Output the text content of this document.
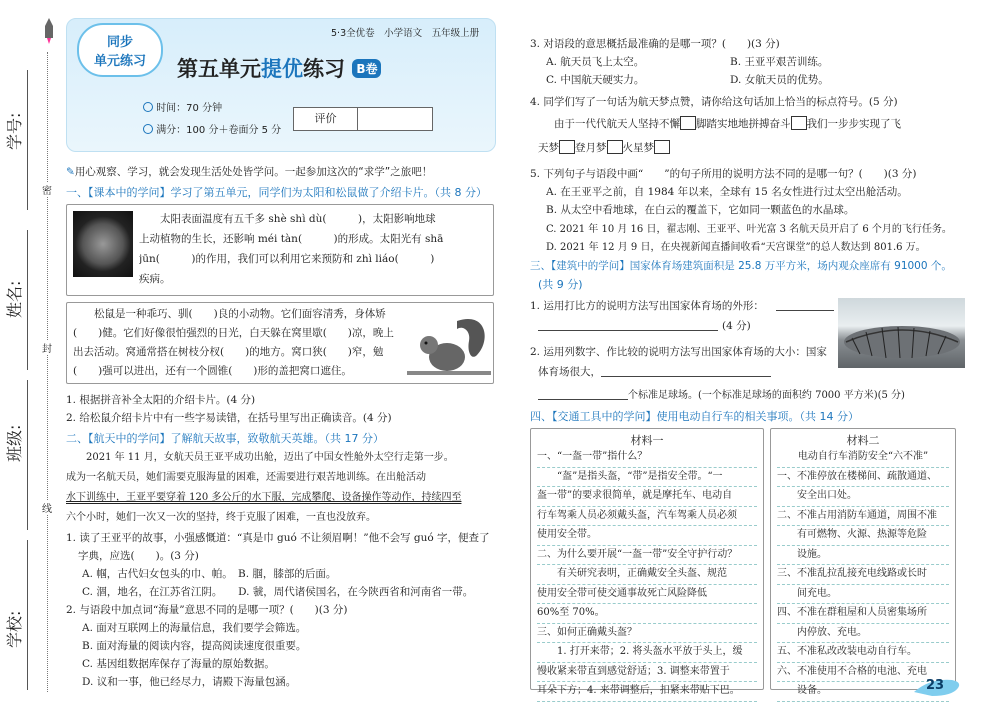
密
封
线
学号:
姓名:
班级:
学校:
同步
单元练习
5·3全优卷　小学语文　五年级上册
第五单元提优练习 B卷
时间：70 分钟
满分：100 分＋卷面分 5 分
评价
✎用心观察、学习，就会发现生活处处皆学问。一起参加这次的“求学”之旅吧！
一、【课本中的学问】学习了第五单元，同学们为太阳和松鼠做了介绍卡片。（共 8 分）
太阳表面温度有五千多 shè shì dù(　　　)，太阳影响地球
上动植物的生长，还影响 méi tàn(　　　)的形成。太阳光有 shā
jūn(　　　)的作用，我们可以利用它来预防和 zhì liáo(　　　)
疾病。
松鼠是一种乖巧、驯(　　)良的小动物。它们面容清秀，身体矫
(　　)健。它们好像很怕强烈的日光，白天躲在窝里歇(　　)凉，晚上
出去活动。窝通常搭在树枝分杈(　　)的地方。窝口狭(　　)窄，勉
(　　)强可以进出，还有一个圆锥(　　)形的盖把窝口遮住。
1. 根据拼音补全太阳的介绍卡片。(4 分)
2. 给松鼠介绍卡片中有一些字易读错，在括号里写出正确读音。(4 分)
二、【航天中的学问】了解航天故事，致敬航天英雄。（共 17 分）
2021 年 11 月，女航天员王亚平成功出舱，迈出了中国女性舱外太空行走第一步。
成为一名航天员，她们需要克服海量的困难，还需要进行艰苦地训练。在出舱活动
水下训练中，王亚平要穿着 120 多公斤的水下服，完成攀爬、设备操作等动作，持续四至
六个小时，她们一次又一次的坚持，终于克服了困难，一直也没放弃。
1. 读了王亚平的故事，小强感慨道：“真是巾 guó 不让须眉啊！”他不会写 guó 字，便查了
字典，应选(　　)。(3 分)
A. 帼，古代妇女包头的巾、帕。　B. 腘，膝部的后面。
C. 涸，地名，在江苏省江阴。　　D. 虢，周代诸侯国名，在今陕西省和河南省一带。
2. 与语段中加点词“海量”意思不同的是哪一项？(　　)(3 分)
A. 面对互联网上的海量信息，我们要学会筛选。
B. 面对海量的阅读内容，提高阅读速度很重要。
C. 基因组数据库保存了海量的原始数据。
D. 议和一事，他已经尽力，请殿下海量包涵。
3. 对语段的意思概括最准确的是哪一项？(　　)(3 分)
A. 航天员飞上太空。	B. 王亚平艰苦训练。
C. 中国航天硬实力。	D. 女航天员的优势。
4. 同学们写了一句话为航天梦点赞，请你给这句话加上恰当的标点符号。(5 分)
由于一代代航天人坚持不懈 脚踏实地地拼搏奋斗 我们一步步实现了飞
天梦 登月梦 火星梦
5. 下列句子与语段中画“　　”的句子所用的说明方法不同的是哪一句？(　　)(3 分)
A. 在王亚平之前，自 1984 年以来，全球有 15 名女性进行过太空出舱活动。
B. 从太空中看地球，在白云的覆盖下，它如同一颗蓝色的水晶球。
C. 2021 年 10 月 16 日，翟志刚、王亚平、叶光富 3 名航天员开启了 6 个月的飞行任务。
D. 2021 年 12 月 9 日，在央视新闻直播间收看“天宫课堂”的总人数达到 801.6 万。
三、【建筑中的学问】国家体育场建筑面积是 25.8 万平方米，场内观众座席有 91000 个。
(共 9 分)
1. 运用打比方的说明方法写出国家体育场的外形：
(4 分)
2. 运用列数字、作比较的说明方法写出国家体育场的大小：国家
体育场很大，
个标准足球场。(一个标准足球场的面积约 7000 平方米)(5 分)
四、【交通工具中的学问】使用电动自行车的相关事项。（共 14 分）
材料一

一、“一盔一带”指什么？

　　“盔”是指头盔，“带”是指安全带。“一

盔一带”的要求很简单，就是摩托车、电动自

行车驾乘人员必须戴头盔，汽车驾乘人员必须

使用安全带。

二、为什么要开展“一盔一带”安全守护行动？

　　有关研究表明，正确戴安全头盔、规范

使用安全带可使交通事故死亡风险降低

60%至 70%。

三、如何正确戴头盔？

　　1. 打开来带；2. 将头盔水平放于头上，缓

慢收紧来带直到感觉舒适；3. 调整来带置于

耳朵下方；4. 来带调整后，扣紧来带贴下巴。

材料二

电动自行车消防安全“六不准”

一、不准停放在楼梯间、疏散通道、

　　安全出口处。

二、不准占用消防车通道，周围不准

　　有可燃物、火源、热源等危险

　　设施。

三、不准乱拉乱接充电线路或长时

　　间充电。

四、不准在群租屋和人员密集场所

　　内停放、充电。

五、不准私改改装电动自行车。

六、不准使用不合格的电池、充电

　　设备。	23
